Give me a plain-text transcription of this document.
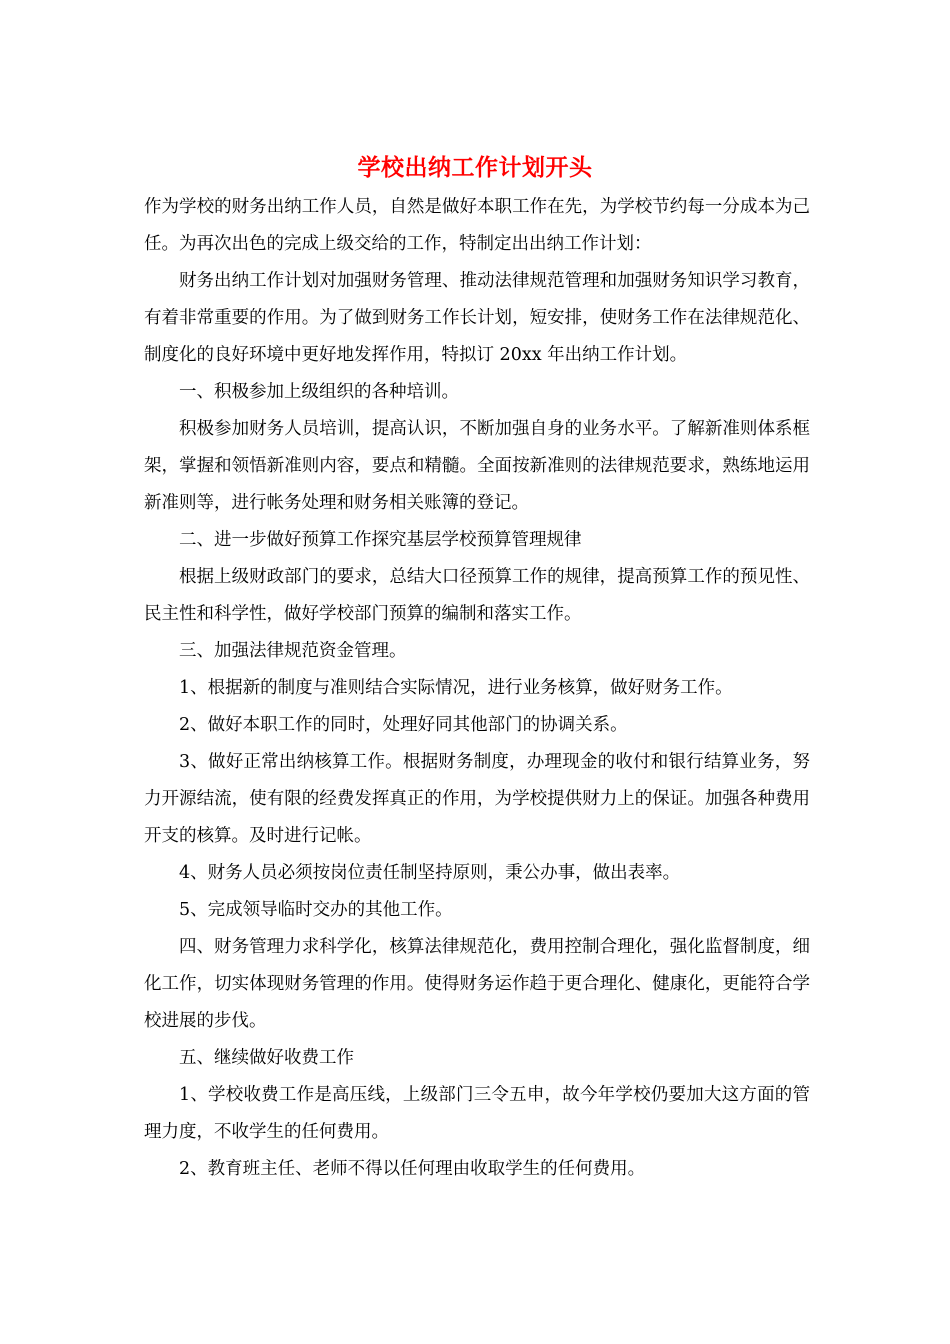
学校出纳工作计划开头

作为学校的财务出纳工作人员，自然是做好本职工作在先，为学校节约每一分成本为己任。为再次出色的完成上级交给的工作，特制定出出纳工作计划：

财务出纳工作计划对加强财务管理、推动法律规范管理和加强财务知识学习教育，有着非常重要的作用。为了做到财务工作长计划，短安排，使财务工作在法律规范化、制度化的良好环境中更好地发挥作用，特拟订 20xx 年出纳工作计划。

一、积极参加上级组织的各种培训。

积极参加财务人员培训，提高认识，不断加强自身的业务水平。了解新准则体系框架，掌握和领悟新准则内容，要点和精髓。全面按新准则的法律规范要求，熟练地运用新准则等，进行帐务处理和财务相关账簿的登记。

二、进一步做好预算工作探究基层学校预算管理规律

根据上级财政部门的要求，总结大口径预算工作的规律，提高预算工作的预见性、民主性和科学性，做好学校部门预算的编制和落实工作。

三、加强法律规范资金管理。

1、根据新的制度与准则结合实际情况，进行业务核算，做好财务工作。

2、做好本职工作的同时，处理好同其他部门的协调关系。

3、做好正常出纳核算工作。根据财务制度，办理现金的收付和银行结算业务，努力开源结流，使有限的经费发挥真正的作用，为学校提供财力上的保证。加强各种费用开支的核算。及时进行记帐。

4、财务人员必须按岗位责任制坚持原则，秉公办事，做出表率。

5、完成领导临时交办的其他工作。

四、财务管理力求科学化，核算法律规范化，费用控制合理化，强化监督制度，细化工作，切实体现财务管理的作用。使得财务运作趋于更合理化、健康化，更能符合学校进展的步伐。

五、继续做好收费工作

1、学校收费工作是高压线，上级部门三令五申，故今年学校仍要加大这方面的管理力度，不收学生的任何费用。

2、教育班主任、老师不得以任何理由收取学生的任何费用。
